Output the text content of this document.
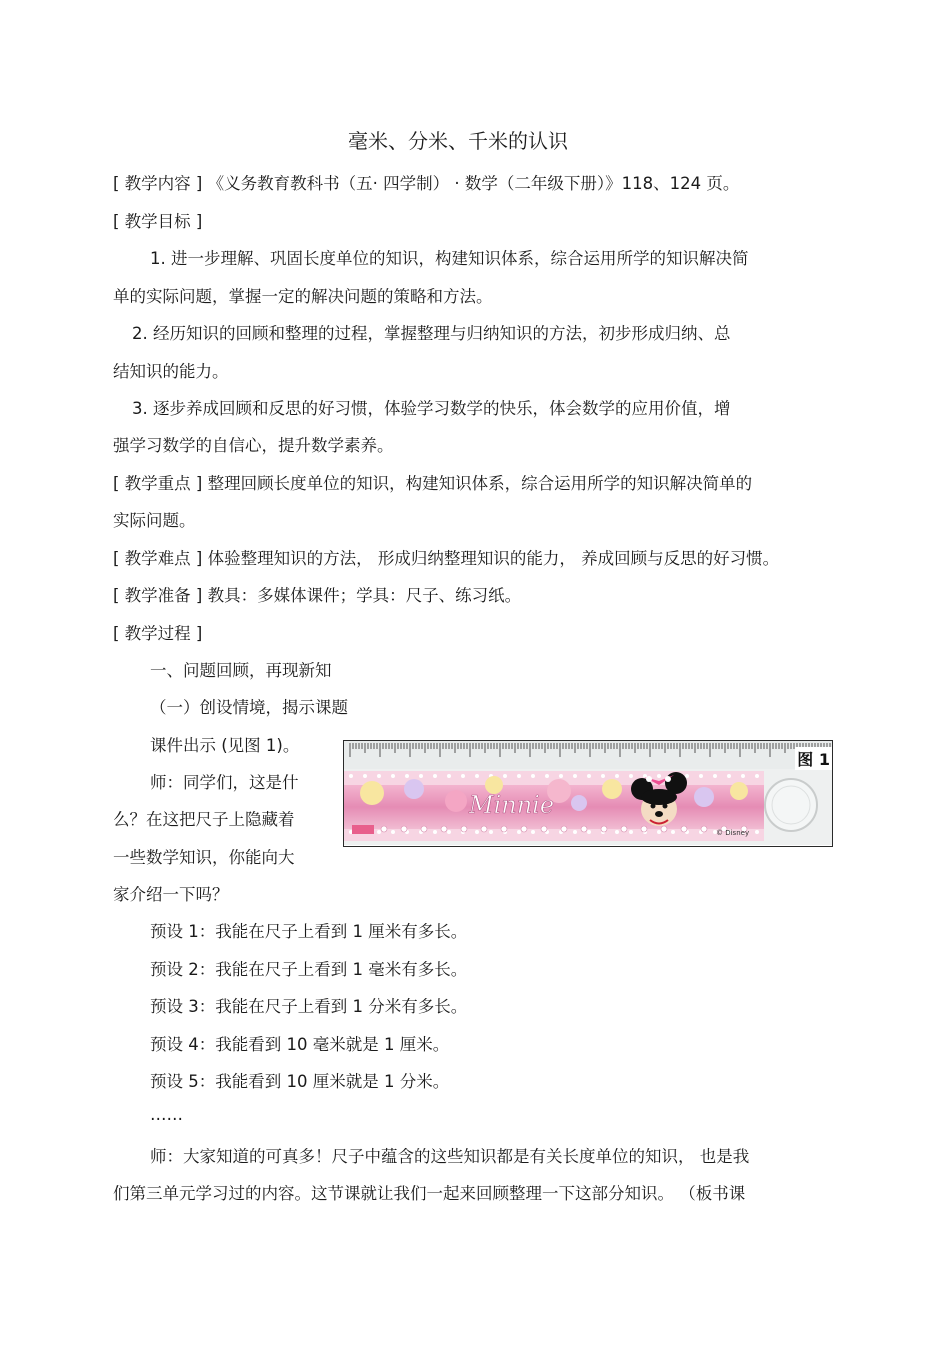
毫米、分米、千米的认识
[ 教学内容 ] 《义务教育教科书（五· 四学制） · 数学（二年级下册）》118、124 页。
[ 教学目标 ]
1. 进一步理解、巩固长度单位的知识，构建知识体系，综合运用所学的知识解决简
单的实际问题，掌握一定的解决问题的策略和方法。
2. 经历知识的回顾和整理的过程，掌握整理与归纳知识的方法，初步形成归纳、总
结知识的能力。
3. 逐步养成回顾和反思的好习惯，体验学习数学的快乐，体会数学的应用价值，增
强学习数学的自信心，提升数学素养。
[ 教学重点 ] 整理回顾长度单位的知识，构建知识体系，综合运用所学的知识解决简单的
实际问题。
[ 教学难点 ] 体验整理知识的方法， 形成归纳整理知识的能力， 养成回顾与反思的好习惯。
[ 教学准备 ] 教具：多媒体课件；学具：尺子、练习纸。
[ 教学过程 ]
一、问题回顾，再现新知
（一）创设情境，揭示课题
课件出示 (见图 1)。
师：同学们，这是什
么？在这把尺子上隐藏着
一些数学知识，你能向大
家介绍一下吗？
预设 1：我能在尺子上看到 1 厘米有多长。
预设 2：我能在尺子上看到 1 毫米有多长。
预设 3：我能在尺子上看到 1 分米有多长。
预设 4：我能看到 10 毫米就是 1 厘米。
预设 5：我能看到 10 厘米就是 1 分米。
……
师：大家知道的可真多！尺子中蕴含的这些知识都是有关长度单位的知识， 也是我
们第三单元学习过的内容。这节课就让我们一起来回顾整理一下这部分知识。 （板书课
Minnie
© Disney
图 1
